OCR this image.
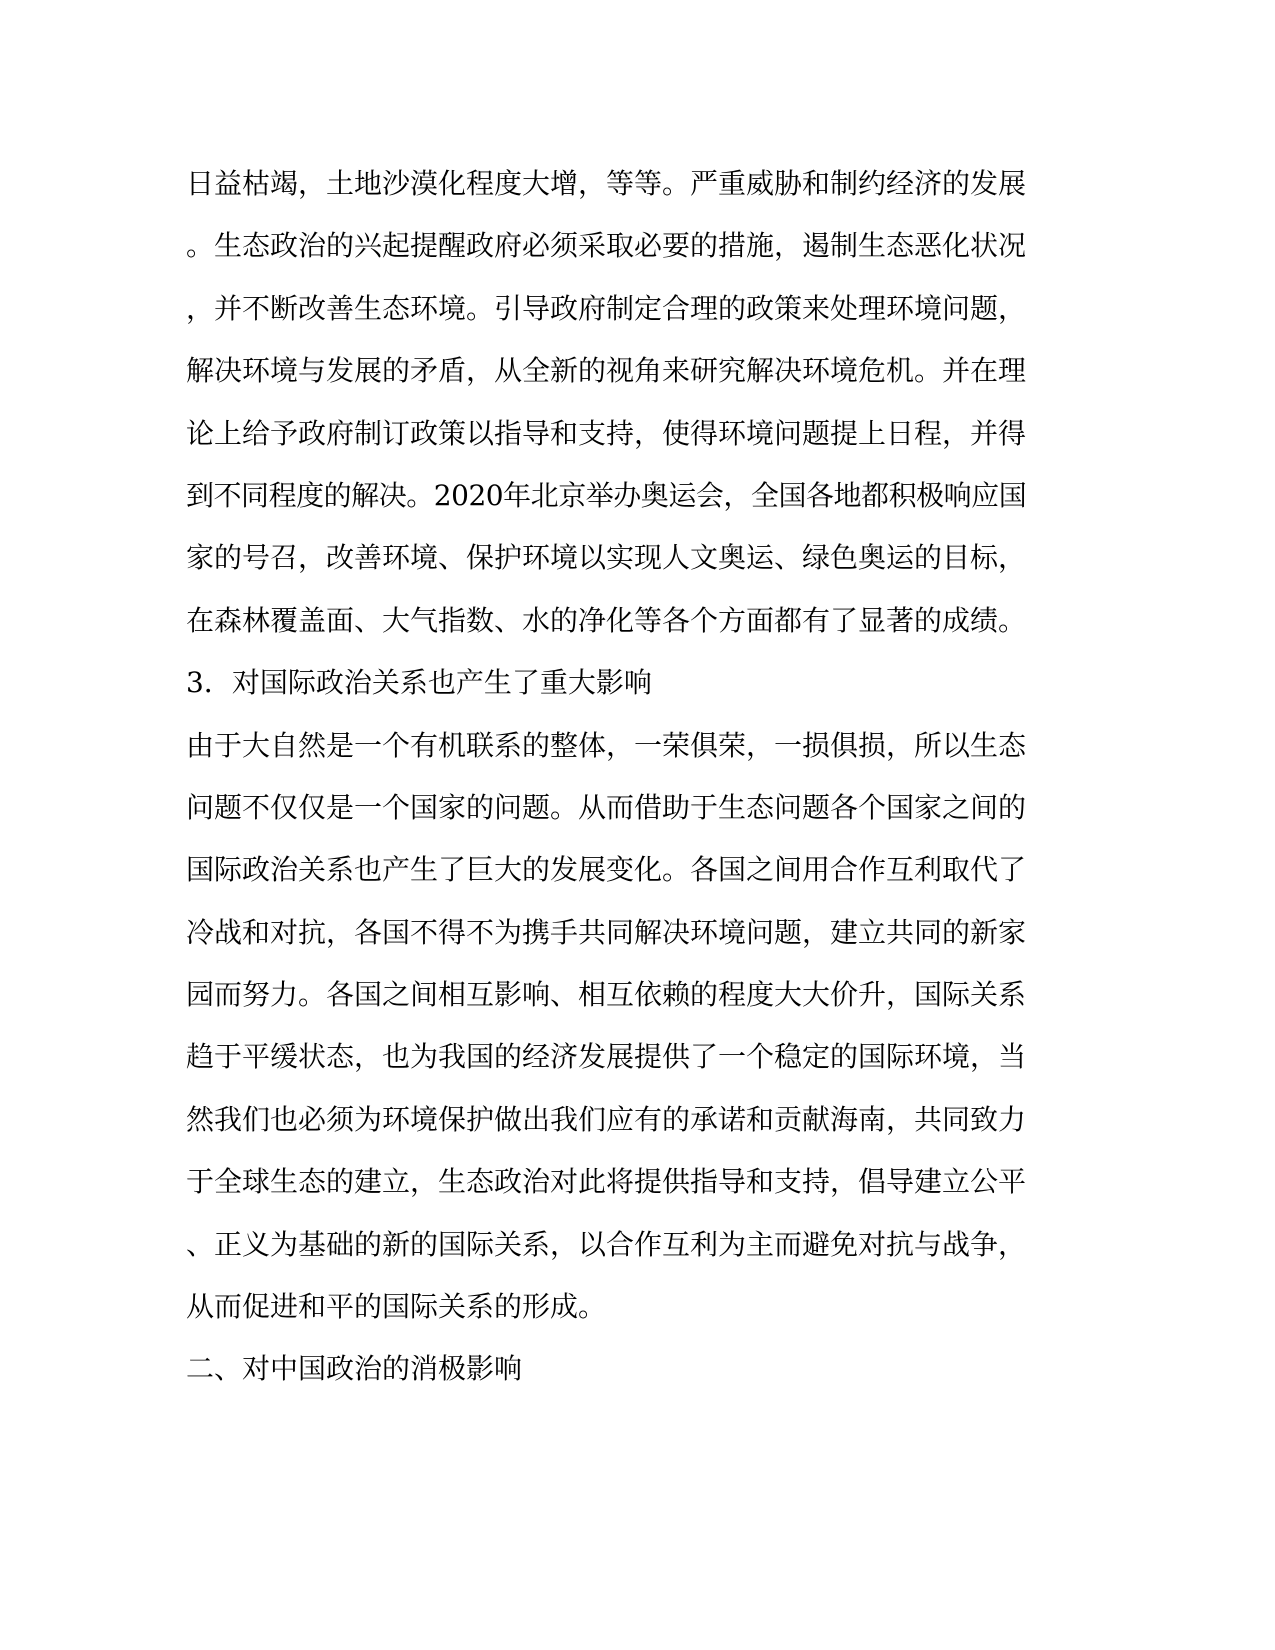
日益枯竭，土地沙漠化程度大增，等等。严重威胁和制约经济的发展
。生态政治的兴起提醒政府必须采取必要的措施，遏制生态恶化状况
，并不断改善生态环境。引导政府制定合理的政策来处理环境问题，
解决环境与发展的矛盾，从全新的视角来研究解决环境危机。并在理
论上给予政府制订政策以指导和支持，使得环境问题提上日程，并得
到不同程度的解决。2020年北京举办奥运会，全国各地都积极响应国
家的号召，改善环境、保护环境以实现人文奥运、绿色奥运的目标，
在森林覆盖面、大气指数、水的净化等各个方面都有了显著的成绩。
3．对国际政治关系也产生了重大影响
由于大自然是一个有机联系的整体，一荣俱荣，一损俱损，所以生态
问题不仅仅是一个国家的问题。从而借助于生态问题各个国家之间的
国际政治关系也产生了巨大的发展变化。各国之间用合作互利取代了
冷战和对抗，各国不得不为携手共同解决环境问题，建立共同的新家
园而努力。各国之间相互影响、相互依赖的程度大大价升，国际关系
趋于平缓状态，也为我国的经济发展提供了一个稳定的国际环境，当
然我们也必须为环境保护做出我们应有的承诺和贡献海南，共同致力
于全球生态的建立，生态政治对此将提供指导和支持，倡导建立公平
、正义为基础的新的国际关系，以合作互利为主而避免对抗与战争，
从而促进和平的国际关系的形成。
二、对中国政治的消极影响
